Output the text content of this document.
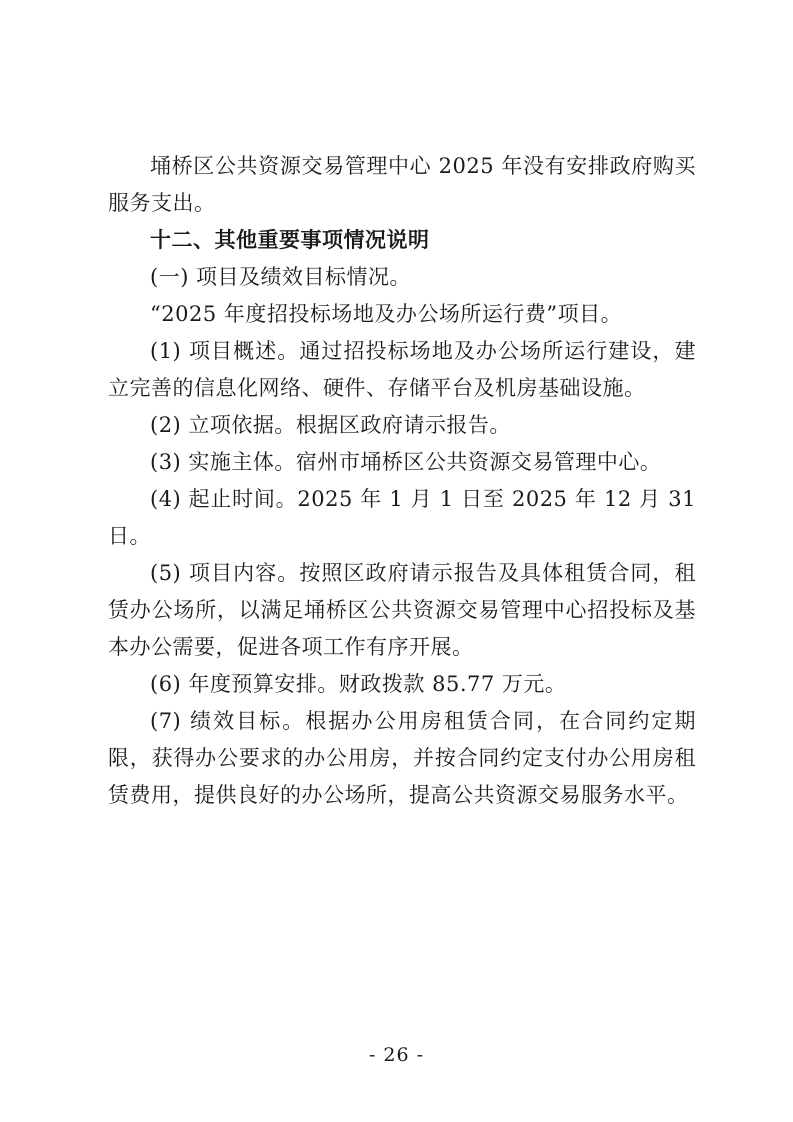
埇桥区公共资源交易管理中心 2025 年没有安排政府购买服务支出。

十二、其他重要事项情况说明

(一) 项目及绩效目标情况。

“2025 年度招投标场地及办公场所运行费”项目。

(1) 项目概述。通过招投标场地及办公场所运行建设，建立完善的信息化网络、硬件、存储平台及机房基础设施。

(2) 立项依据。根据区政府请示报告。

(3) 实施主体。宿州市埇桥区公共资源交易管理中心。

(4) 起止时间。2025 年 1 月 1 日至 2025 年 12 月 31 日。

(5) 项目内容。按照区政府请示报告及具体租赁合同，租赁办公场所，以满足埇桥区公共资源交易管理中心招投标及基本办公需要，促进各项工作有序开展。

(6) 年度预算安排。财政拨款 85.77 万元。

(7) 绩效目标。根据办公用房租赁合同，在合同约定期限，获得办公要求的办公用房，并按合同约定支付办公用房租赁费用，提供良好的办公场所，提高公共资源交易服务水平。

- 26 -
